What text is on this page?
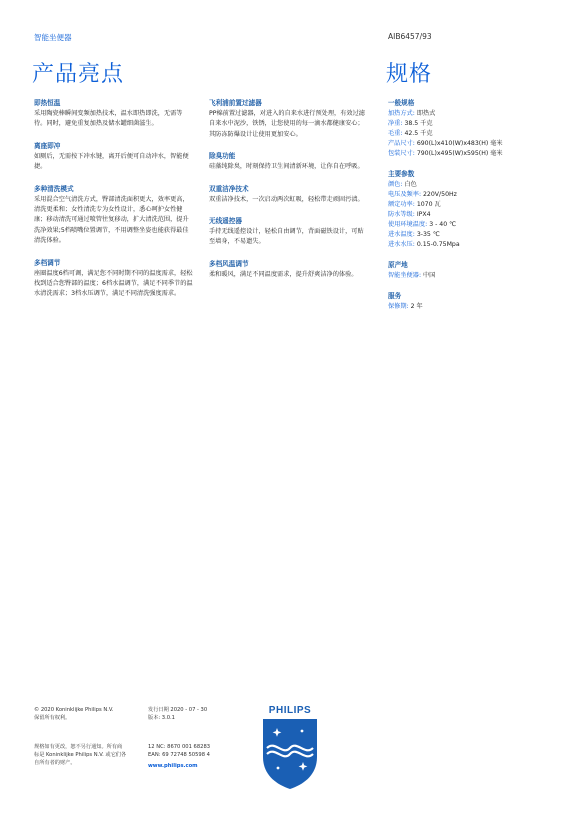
智能坐便器	AIB6457/93
产品亮点	规格
即热恒温

采用陶瓷棒瞬间变频加热技术，温水即热即洗，无需等待。同时，避免重复加热及储水罐细菌滋生。

离座即冲

如厕后，无需按下冲水键，离开后便可自动冲水，智能便捷。

多种清洗模式

采用混合空气清洗方式，臀部清洗面积更大，效率更高，清洗更柔和；女性清洗专为女性设计，悉心呵护女性健康；移动清洗可通过喷管往复移动，扩大清洗范围，提升洗净效果;5档喷嘴位置调节，不用调整坐姿也能获得最佳清洗体验。

多档调节

座圈温度6档可调，满足您不同时期不同的温度需求，轻松找到适合您臀部的温度；6档水温调节，满足不同季节的温水清洗需求；3档水压调节，满足不同清洗强度需求。

飞利浦前置过滤器

PP棉前置过滤器，对进入的自来水进行预处理，有效过滤自来水中泥沙，铁锈，让您使用的每一滴水都健康安心；其防冻防爆设计让使用更加安心。

除臭功能

硅藻纯除臭，时刻保持卫生间清新环境，让你自在呼吸。

双重洁净技术

双重洁净技术，一次启动两次虹吸，轻松带走顽固污渍。

无线遥控器

手持无线遥控设计，轻松自由调节，背面磁铁设计，可贴至墙身，不易遗失。

多档风温调节

柔和暖风，满足不同温度需求，提升舒爽洁净的体验。

一般规格
加热方式: 即热式
净重: 38.5 千克
毛重: 42.5 千克
产品尺寸: 690(L)x410(W)x483(H) 毫米
包装尺寸: 790(L)x495(W)x595(H) 毫米
主要参数
颜色: 白色
电压及频率: 220V/50Hz
额定功率: 1070 瓦
防水等级: IPX4
使用环境温度: 3 - 40 ℃
进水温度: 3-35 ℃
进水水压: 0.15-0.75Mpa
原产地
智能坐便器: 中国
服务
保修期: 2 年
© 2020 Koninklijke Philips N.V.
保留所有权利。
规格如有更改，恕不另行通知。所有商
标是 Koninklijke Philips N.V. 或它们各
自所有者的财产。
发行日期 2020 - 07 - 30
版本: 3.0.1
12 NC: 8670 001 68283
EAN: 69 72748 50598 4
www.philips.com
PHILIPS
